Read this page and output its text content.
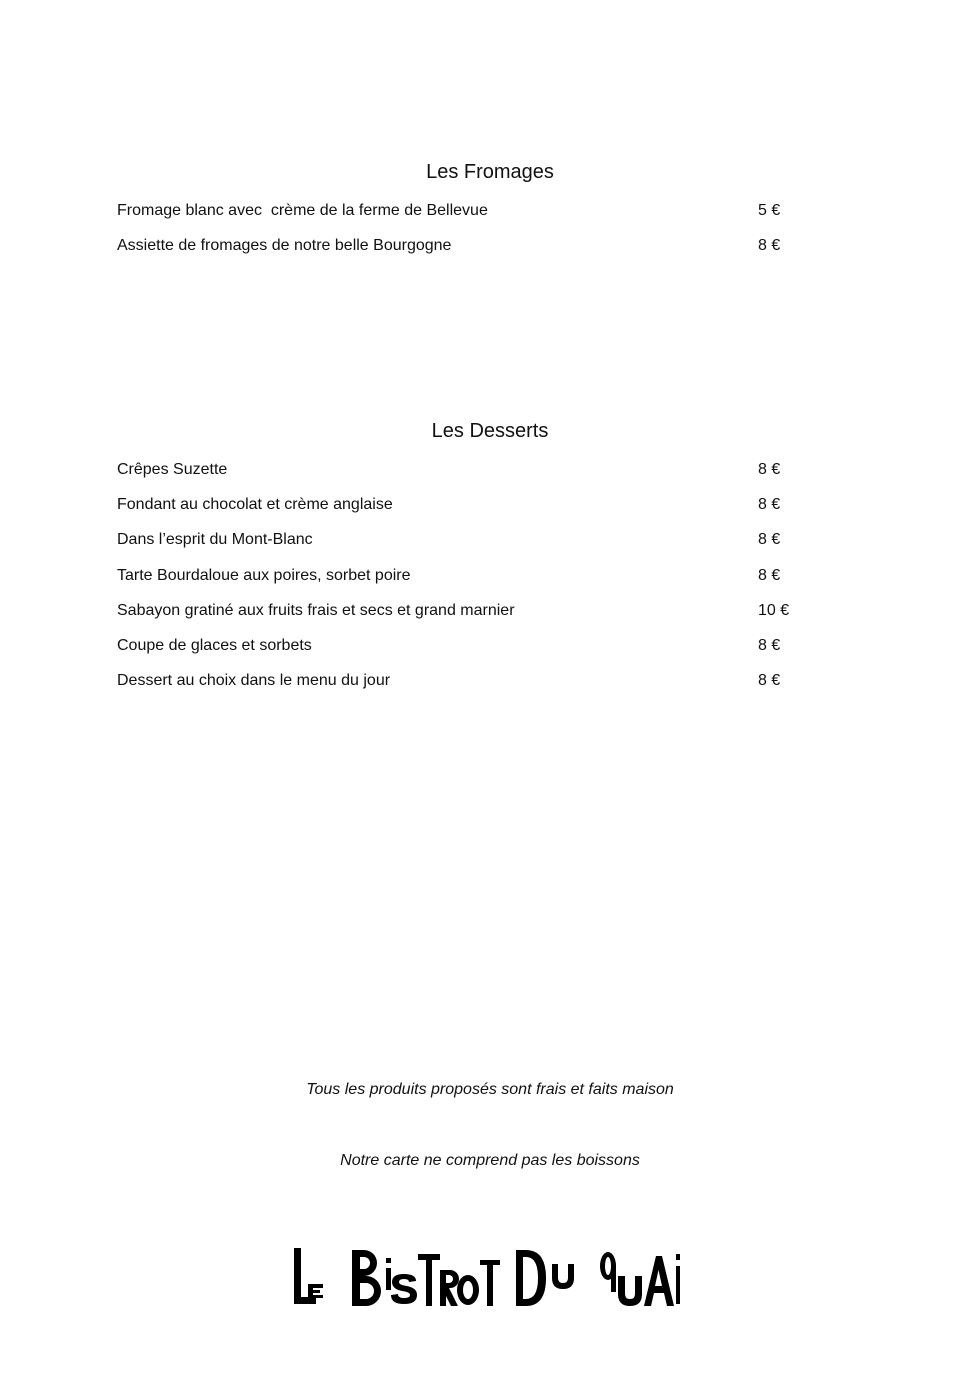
Les Fromages
Fromage blanc avec  crème de la ferme de Bellevue	5 €
Assiette de fromages de notre belle Bourgogne	8 €
Les Desserts
Crêpes Suzette	8 €
Fondant au chocolat et crème anglaise	8 €
Dans l’esprit du Mont-Blanc	8 €
Tarte Bourdaloue aux poires, sorbet poire	8 €
Sabayon gratiné aux fruits frais et secs et grand marnier	10 €
Coupe de glaces et sorbets	8 €
Dessert au choix dans le menu du jour	8 €

Tous les produits proposés sont frais et faits maison

Notre carte ne comprend pas les boissons
